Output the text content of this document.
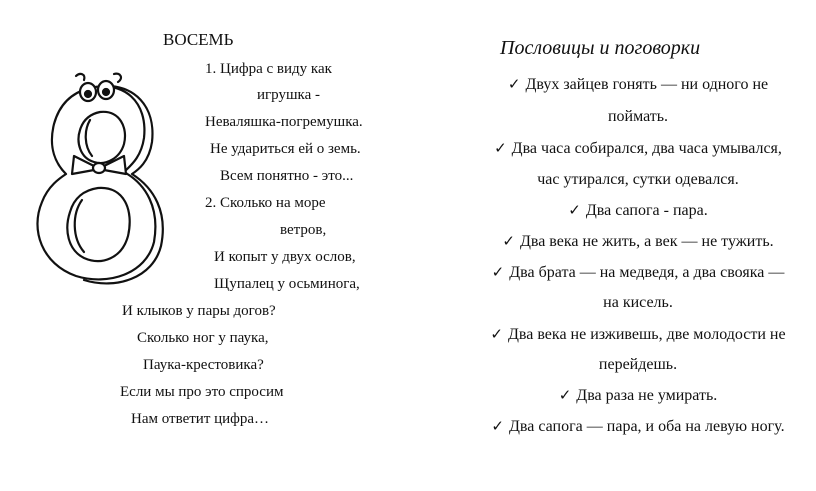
ВОСЕМЬ
1. Цифра с виду как
игрушка -
Неваляшка-погремушка.
Не удариться ей о земь.
Всем понятно - это...
2. Сколько на море
ветров,
И копыт у двух ослов,
Щупалец у осьминога,
И клыков у пары догов?
Сколько ног у паука,
Паука-крестовика?
Если мы про это спросим
Нам ответит цифра…
Пословицы и поговорки
✓ Двух зайцев гонять — ни одного не
поймать.
✓ Два часа собирался, два часа умывался,
час утирался, сутки одевался.
✓ Два сапога - пара.
✓ Два века не жить, а век — не тужить.
✓ Два брата — на медведя, а два свояка —
на кисель.
✓ Два века не изживешь, две молодости не
перейдешь.
✓ Два раза не умирать.
✓ Два сапога — пара, и оба на левую ногу.
